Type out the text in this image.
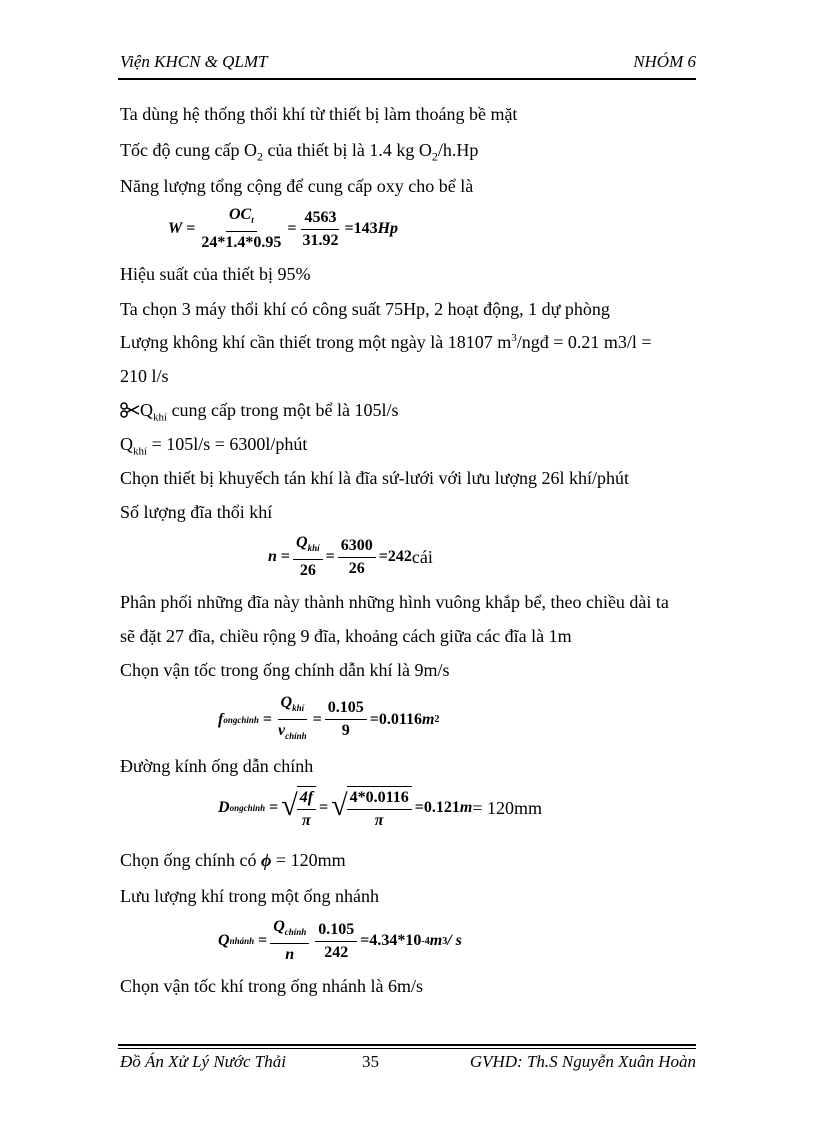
Viện KHCN & QLMT	NHÓM 6
Ta dùng hệ thống thổi khí từ thiết bị làm thoáng bề mặt
Tốc độ cung cấp $O_2$ của thiết bị là 1.4 kg $O_2/h.Hp$
Năng lượng tổng cộng để cung cấp oxy cho bể là
$W = \frac{OC_t}{24*1.4*0.95} = \frac{4563}{31.92} = 143$ Hp
Hiệu suất của thiết bị 95%
Ta chọn 3 máy thổi khí có công suất 75Hp, 2 hoạt động, 1 dự phòng
Lượng không khí cần thiết trong một ngày là 18107 $m^3$/ngđ = 0.21 m3/l =
210 l/s
$Q_{khí}$ cung cấp trong một bể là 105l/s
$Q_{khí} = 105l/s$ = 6300l/phút
Chọn thiết bị khuyếch tán khí là đĩa sứ-lưới với lưu lượng 26l khí/phút
Số lượng đĩa thổi khí
$n = \frac{Q_{khí}}{26} = \frac{6300}{26} = 242$ cái
Phân phối những đĩa này thành những hình vuông khắp bể, theo chiều dài ta
sẽ đặt 27 đĩa, chiều rộng 9 đĩa, khoảng cách giữa các đĩa là 1m
Chọn vận tốc trong ống chính dẫn khí là 9m/s
f ongchinh = $\frac{Q_{khí}}{v_{chính}} = \frac{0.105}{9} = 0.0116$ m 2
Đường kính ống dẫn chính
D ongchinh = √ $\frac{4f}{\pi}$ = √ $\frac{4*0.0116}{\pi} = 0.121$ m = 120mm
Chọn ống chính có ϕ = 120mm
Lưu lượng khí trong một ống nhánh
Q nhánh = $\frac{Q_{chính}}{n} \frac{0.105}{242} = 4.34*10$ -4 m 3 / s
Chọn vận tốc khí trong ống nhánh là 6m/s
Đồ Án Xử Lý Nước Thải	35	GVHD: Th.S Nguyễn Xuân Hoàn
